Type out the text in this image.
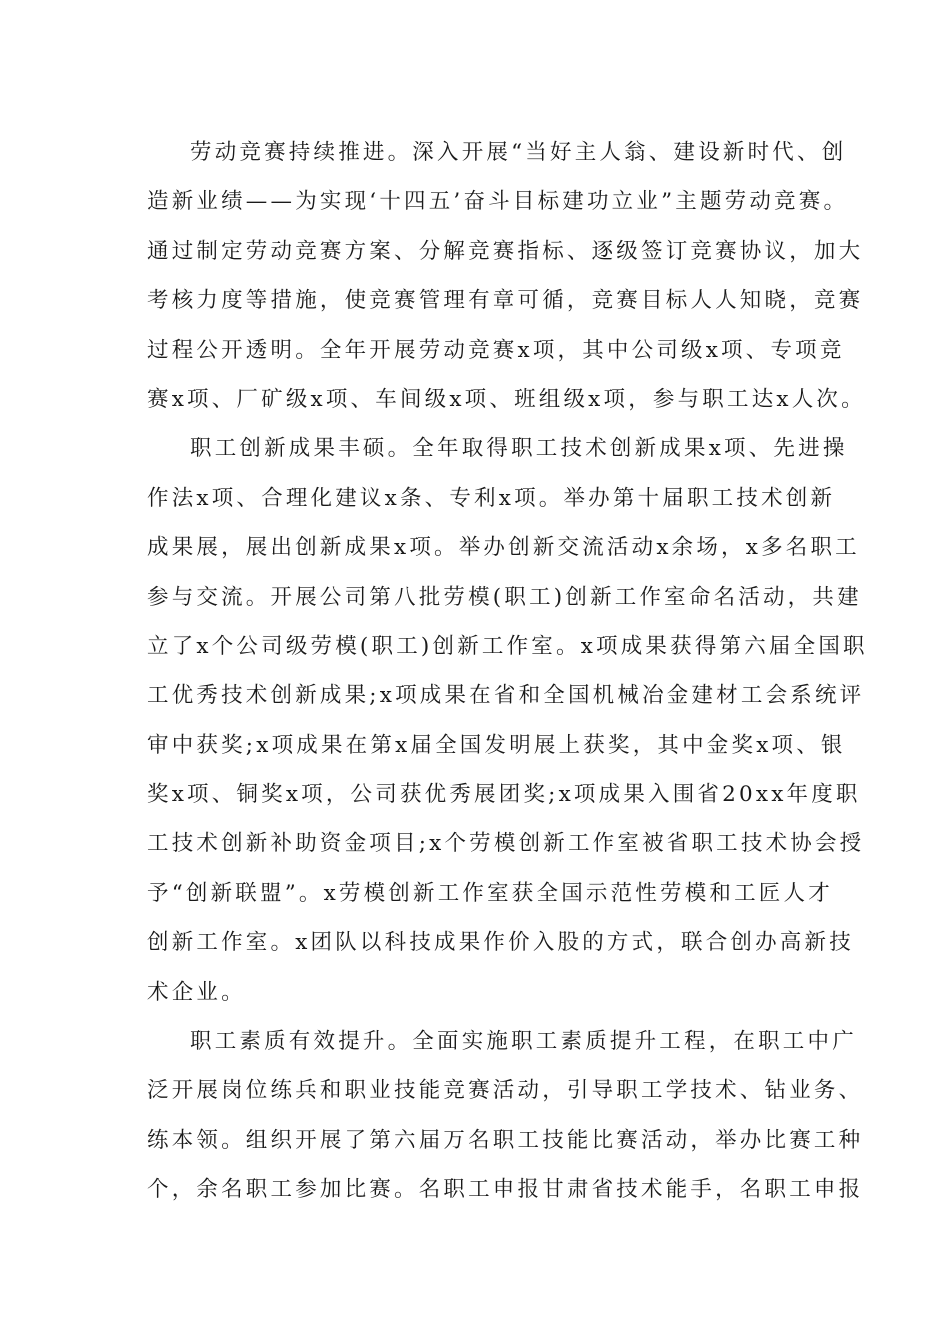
劳动竞赛持续推进。深入开展“当好主人翁、建设新时代、创
造新业绩——为实现‘十四五’奋斗目标建功立业”主题劳动竞赛。
通过制定劳动竞赛方案、分解竞赛指标、逐级签订竞赛协议，加大
考核力度等措施，使竞赛管理有章可循，竞赛目标人人知晓，竞赛
过程公开透明。全年开展劳动竞赛x项，其中公司级x项、专项竞
赛x项、厂矿级x项、车间级x项、班组级x项，参与职工达x人次。
职工创新成果丰硕。全年取得职工技术创新成果x项、先进操
作法x项、合理化建议x条、专利x项。举办第十届职工技术创新
成果展，展出创新成果x项。举办创新交流活动x余场，x多名职工
参与交流。开展公司第八批劳模(职工)创新工作室命名活动，共建
立了x个公司级劳模(职工)创新工作室。x项成果获得第六届全国职
工优秀技术创新成果;x项成果在省和全国机械冶金建材工会系统评
审中获奖;x项成果在第x届全国发明展上获奖，其中金奖x项、银
奖x项、铜奖x项，公司获优秀展团奖;x项成果入围省20xx年度职
工技术创新补助资金项目;x个劳模创新工作室被省职工技术协会授
予“创新联盟”。x劳模创新工作室获全国示范性劳模和工匠人才
创新工作室。x团队以科技成果作价入股的方式，联合创办高新技
术企业。
职工素质有效提升。全面实施职工素质提升工程，在职工中广
泛开展岗位练兵和职业技能竞赛活动，引导职工学技术、钻业务、
练本领。组织开展了第六届万名职工技能比赛活动，举办比赛工种
个，余名职工参加比赛。名职工申报甘肃省技术能手，名职工申报
